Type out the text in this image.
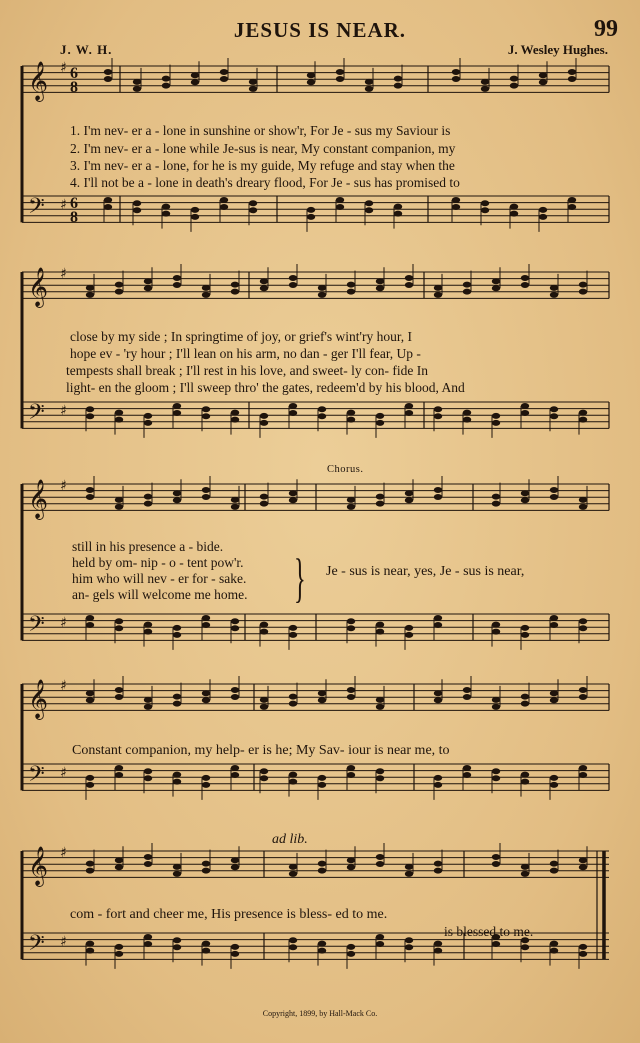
JESUS IS NEAR.	99
J. W. H.	J. Wesley Hughes.
𝄞
𝄢
♯
♯
6
8
6
8
𝄞
𝄢
♯
♯
𝄞
𝄢
♯
♯
𝄞
𝄢
♯
♯
𝄞
𝄢
♯
♯
1. I'm nev- er a - lone in sunshine or show'r, For Je - sus my Saviour is
2. I'm nev- er a - lone while Je-sus is near, My constant companion, my
3. I'm nev- er a - lone, for he is my guide, My refuge and stay when the
4. I'll not be a - lone in death's dreary flood, For Je - sus has promised to
close by my side ; In springtime of joy, or grief's wint'ry hour, I
hope ev - 'ry hour ; I'll lean on his arm, no dan - ger I'll fear, Up -
tempests shall break ; I'll rest in his love, and sweet- ly con- fide In
light- en the gloom ; I'll sweep thro' the gates, redeem'd by his blood, And
Chorus.
still in his presence a - bide.
held by om- nip - o - tent pow'r.
him who will nev - er for - sake.
an- gels will welcome me home. } Je - sus is near, yes, Je - sus is near,
Constant companion, my help- er is he; My Sav- iour is near me, to
ad lib.
com - fort and cheer me, His presence is bless- ed to me.
is blessed to me.
Copyright, 1899, by Hall-Mack Co.
